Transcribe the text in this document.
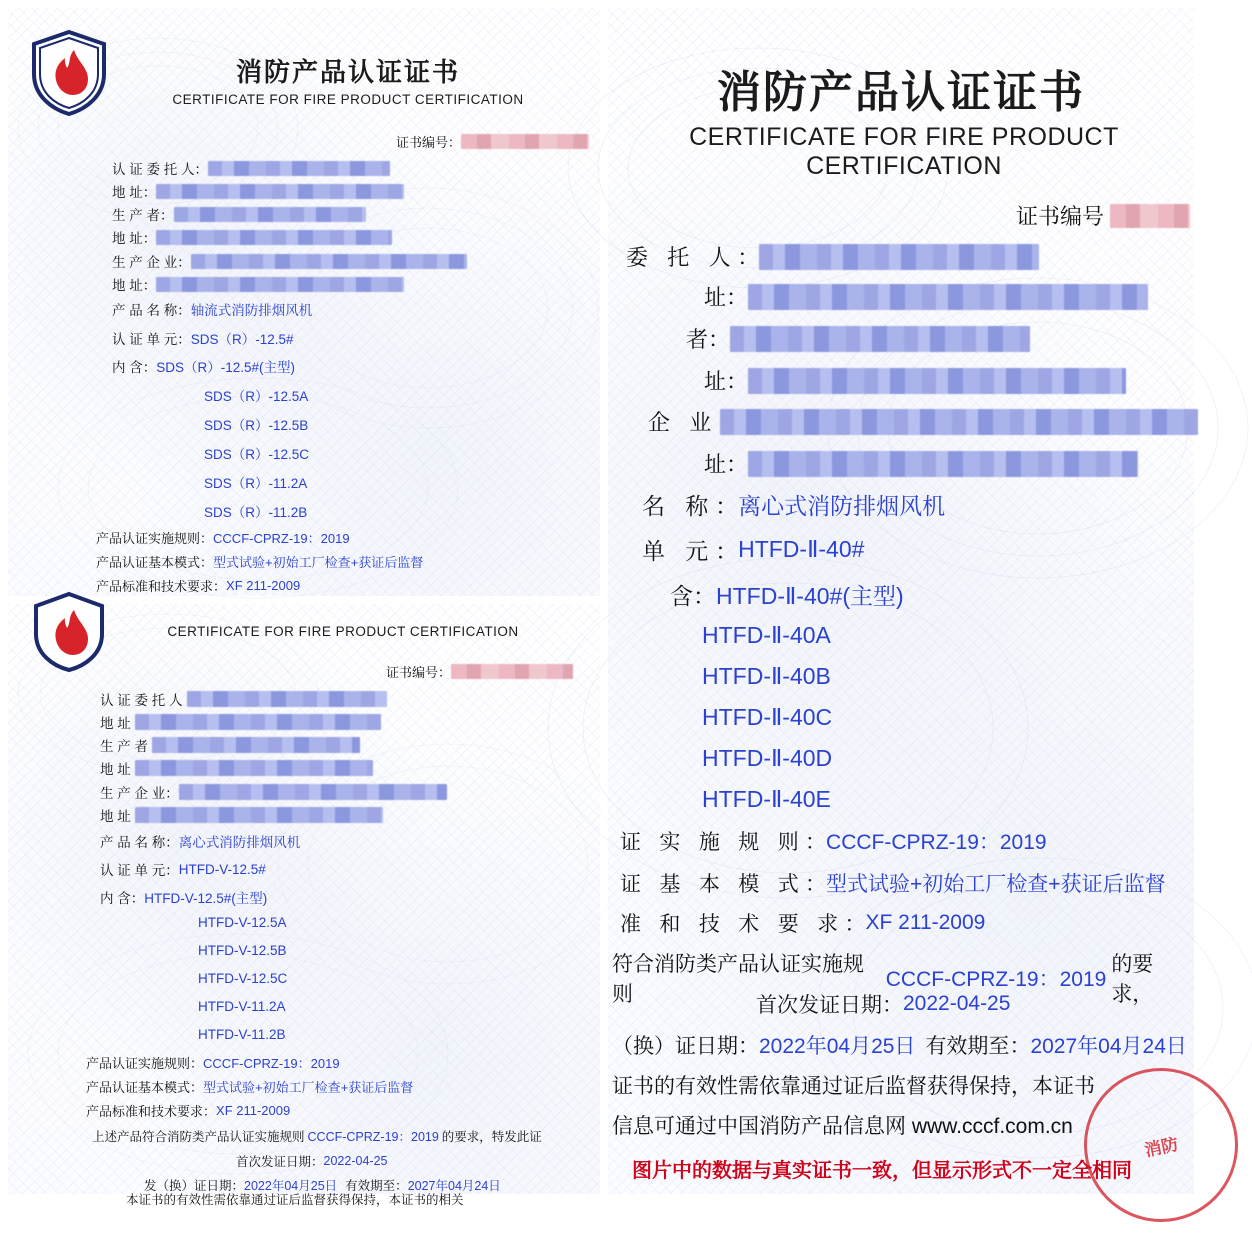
消防产品认证证书
CERTIFICATE FOR FIRE PRODUCT CERTIFICATION
证书编号 ：
认 证 委 托 人 ：
地 址 ：
生 产 者 ：
地 址 ：
生 产 企 业 ：
地 址 ：
产 品 名 称 ： 轴流式消防排烟风机
认 证 单 元 ： SDS（R）-12.5#
内 含 ： SDS（R）-12.5#(主型)
SDS（R）-12.5A
SDS（R）-12.5B
SDS（R）-12.5C
SDS（R）-11.2A
SDS（R）-11.2B
产品认证实施规则 ： CCCF-CPRZ-19：2019
产品认证基本模式 ： 型式试验+初始工厂检查+获证后监督
产品标准和技术要求 ： XF 211-2009
CERTIFICATE FOR FIRE PRODUCT CERTIFICATION
证书编号 ：
认 证 委 托 人
地 址
生 产 者
地 址
生 产 企 业 ：
地 址
产 品 名 称 ： 离心式消防排烟风机
认 证 单 元 ： HTFD-V-12.5#
内 含 ： HTFD-V-12.5#(主型)
HTFD-V-12.5A
HTFD-V-12.5B
HTFD-V-12.5C
HTFD-V-11.2A
HTFD-V-11.2B
产品认证实施规则 ： CCCF-CPRZ-19：2019
产品认证基本模式 ： 型式试验+初始工厂检查+获证后监督
产品标准和技术要求 ： XF 211-2009
上述产品符合消防类产品认证实施规则 CCCF-CPRZ-19：2019 的要求，特发此证
首次发证日期 ： 2022-04-25
发（换）证日期 ： 2022年04月25日 有效期至 ： 2027年04月24日
本证书的有效性需依靠通过证后监督获得保持，本证书的相关
消防产品认证证书
CERTIFICATE FOR FIRE PRODUCT CERTIFICATION
证书编号
委 托 人 ：
址 ：
者 ：
址 ：
企 业
址 ：
名 称 ： 离心式消防排烟风机
单 元 ： HTFD-Ⅱ-40#
含 ： HTFD-Ⅱ-40#(主型)
HTFD-Ⅱ-40A
HTFD-Ⅱ-40B
HTFD-Ⅱ-40C
HTFD-Ⅱ-40D
HTFD-Ⅱ-40E
证 实 施 规 则 ： CCCF-CPRZ-19：2019
证 基 本 模 式 ： 型式试验+初始工厂检查+获证后监督
准 和 技 术 要 求 ： XF 211-2009
符合消防类产品认证实施规则
CCCF-CPRZ-19：2019
的要求，
首次发证日期 ： 2022-04-25
（换）证日期 ： 2022年04月25日 有效期至 ： 2027年04月24日
证书的有效性需依靠通过证后监督获得保持，本证书
信息可通过中国消防产品信息网 www.cccf.com.cn
图片中的数据与真实证书一致，但显示形式不一定全相同
消防
